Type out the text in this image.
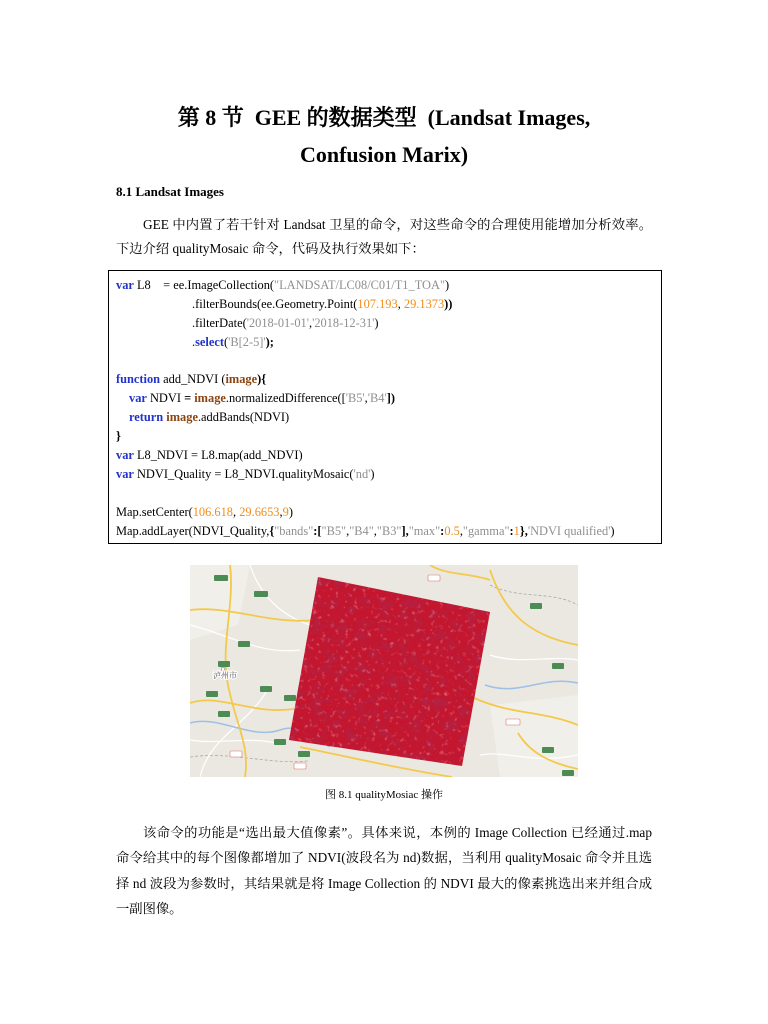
第 8 节  GEE 的数据类型  (Landsat Images,
Confusion Marix)
8.1 Landsat Images
GEE 中内置了若干针对 Landsat 卫星的命令，对这些命令的合理使用能增加分析效率。
下边介绍 qualityMosaic 命令，代码及执行效果如下：
var L8    = ee.ImageCollection("LANDSAT/LC08/C01/T1_TOA")
.filterBounds(ee.Geometry.Point(107.193, 29.1373))
.filterDate('2018-01-01','2018-12-31')
.select('B[2-5]');
function add_NDVI (image){
var NDVI = image.normalizedDifference(['B5','B4'])
return image.addBands(NDVI)
}
var L8_NDVI = L8.map(add_NDVI)
var NDVI_Quality = L8_NDVI.qualityMosaic('nd')
Map.setCenter(106.618, 29.6653,9)
Map.addLayer(NDVI_Quality,{"bands":["B5","B4","B3"],"max":0.5,"gamma":1},'NDVI qualified')
泸州市
图 8.1 qualityMosiac 操作
该命令的功能是“选出最大值像素”。具体来说，本例的 Image Collection 已经通过.map
命令给其中的每个图像都增加了 NDVI(波段名为 nd)数据，当利用 qualityMosaic 命令并且选
择 nd 波段为参数时，其结果就是将 Image Collection 的 NDVI 最大的像素挑选出来并组合成
一副图像。
